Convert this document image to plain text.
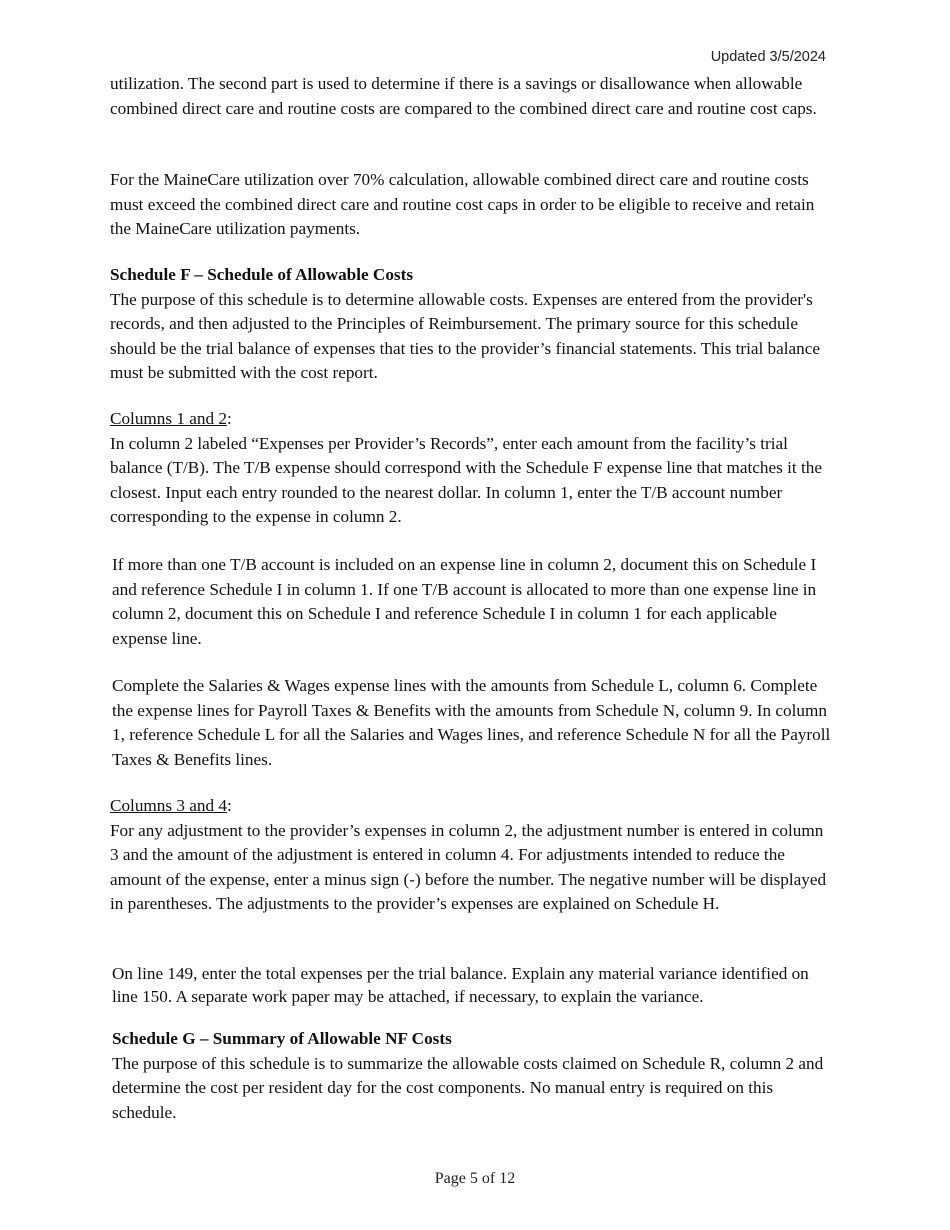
Updated 3/5/2024

utilization. The second part is used to determine if there is a savings or disallowance when allowable combined direct care and routine costs are compared to the combined direct care and routine cost caps.

For the MaineCare utilization over 70% calculation, allowable combined direct care and routine costs must exceed the combined direct care and routine cost caps in order to be eligible to receive and retain the MaineCare utilization payments.

Schedule F – Schedule of Allowable Costs
The purpose of this schedule is to determine allowable costs. Expenses are entered from the provider's records, and then adjusted to the Principles of Reimbursement. The primary source for this schedule should be the trial balance of expenses that ties to the provider’s financial statements. This trial balance must be submitted with the cost report.
Columns 1 and 2:
In column 2 labeled “Expenses per Provider’s Records”, enter each amount from the facility’s trial balance (T/B). The T/B expense should correspond with the Schedule F expense line that matches it the closest. Input each entry rounded to the nearest dollar. In column 1, enter the T/B account number corresponding to the expense in column 2.

If more than one T/B account is included on an expense line in column 2, document this on Schedule I and reference Schedule I in column 1. If one T/B account is allocated to more than one expense line in column 2, document this on Schedule I and reference Schedule I in column 1 for each applicable expense line.

Complete the Salaries & Wages expense lines with the amounts from Schedule L, column 6. Complete the expense lines for Payroll Taxes & Benefits with the amounts from Schedule N, column 9. In column 1, reference Schedule L for all the Salaries and Wages lines, and reference Schedule N for all the Payroll Taxes & Benefits lines.

Columns 3 and 4:
For any adjustment to the provider’s expenses in column 2, the adjustment number is entered in column 3 and the amount of the adjustment is entered in column 4. For adjustments intended to reduce the amount of the expense, enter a minus sign (-) before the number. The negative number will be displayed in parentheses. The adjustments to the provider’s expenses are explained on Schedule H.

On line 149, enter the total expenses per the trial balance. Explain any material variance identified on line 150. A separate work paper may be attached, if necessary, to explain the variance.

Schedule G – Summary of Allowable NF Costs
The purpose of this schedule is to summarize the allowable costs claimed on Schedule R, column 2 and determine the cost per resident day for the cost components. No manual entry is required on this schedule.
Page 5 of 12
